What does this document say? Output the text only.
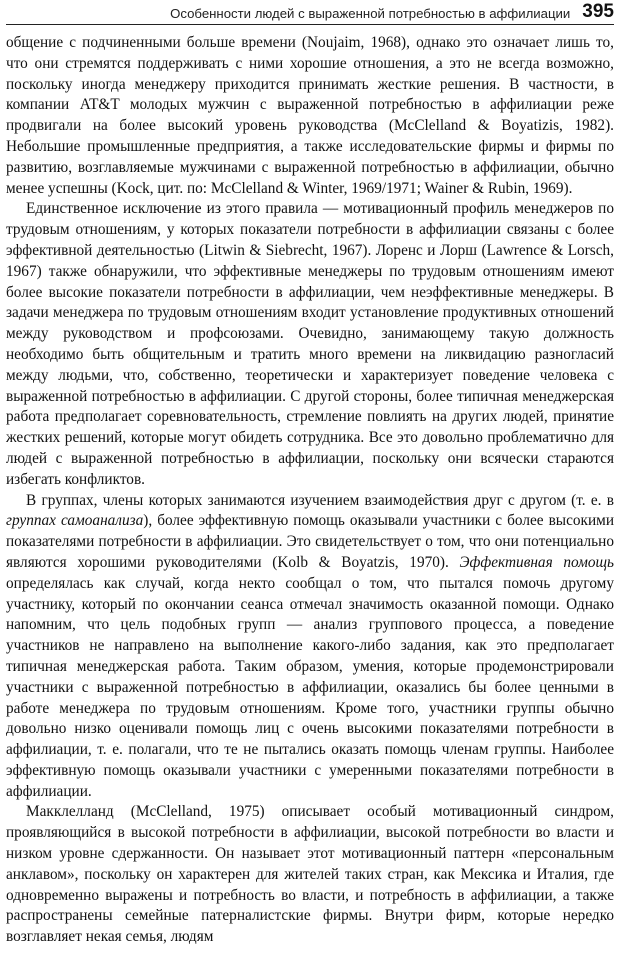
Особенности людей с выраженной потребностью в аффилиации 395

общение с подчиненными больше времени (Noujaim, 1968), однако это означает лишь то, что они стремятся поддерживать с ними хорошие отношения, а это не всегда возможно, поскольку иногда менеджеру приходится принимать жесткие решения. В частности, в компании AT&T молодых мужчин с выраженной потребностью в аффилиации реже продвигали на более высокий уровень руководства (McClelland & Boyatizis, 1982). Небольшие промышленные предприятия, а также исследовательские фирмы и фирмы по развитию, возглавляемые мужчинами с выраженной потребностью в аффилиации, обычно менее успешны (Kock, цит. по: McClelland & Winter, 1969/1971; Wainer & Rubin, 1969).

Единственное исключение из этого правила — мотивационный профиль менеджеров по трудовым отношениям, у которых показатели потребности в аффилиации связаны с более эффективной деятельностью (Litwin & Siebrecht, 1967). Лоренс и Лорш (Lawrence & Lorsch, 1967) также обнаружили, что эффективные менеджеры по трудовым отношениям имеют более высокие показатели потребности в аффилиации, чем неэффективные менеджеры. В задачи менеджера по трудовым отношениям входит установление продуктивных отношений между руководством и профсоюзами. Очевидно, занимающему такую должность необходимо быть общительным и тратить много времени на ликвидацию разногласий между людьми, что, собственно, теоретически и характеризует поведение человека с выраженной потребностью в аффилиации. С другой стороны, более типичная менеджерская работа предполагает соревновательность, стремление повлиять на других людей, принятие жестких решений, которые могут обидеть сотрудника. Все это довольно проблематично для людей с выраженной потребностью в аффилиации, поскольку они всячески стараются избегать конфликтов.

В группах, члены которых занимаются изучением взаимодействия друг с другом (т. е. в группах самоанализа), более эффективную помощь оказывали участники с более высокими показателями потребности в аффилиации. Это свидетельствует о том, что они потенциально являются хорошими руководителями (Kolb & Boyatzis, 1970). Эффективная помощь определялась как случай, когда некто сообщал о том, что пытался помочь другому участнику, который по окончании сеанса отмечал значимость оказанной помощи. Однако напомним, что цель подобных групп — анализ группового процесса, а поведение участников не направлено на выполнение какого-либо задания, как это предполагает типичная менеджерская работа. Таким образом, умения, которые продемонстрировали участники с выраженной потребностью в аффилиации, оказались бы более ценными в работе менеджера по трудовым отношениям. Кроме того, участники группы обычно довольно низко оценивали помощь лиц с очень высокими показателями потребности в аффилиации, т. е. полагали, что те не пытались оказать помощь членам группы. Наиболее эффективную помощь оказывали участники с умеренными показателями потребности в аффилиации.

Макклелланд (McClelland, 1975) описывает особый мотивационный синдром, проявляющийся в высокой потребности в аффилиации, высокой потребности во власти и низком уровне сдержанности. Он называет этот мотивационный паттерн «персональным анклавом», поскольку он характерен для жителей таких стран, как Мексика и Италия, где одновременно выражены и потребность во власти, и потребность в аффилиации, а также распространены семейные патерналистские фирмы. Внутри фирм, которые нередко возглавляет некая семья, людям
